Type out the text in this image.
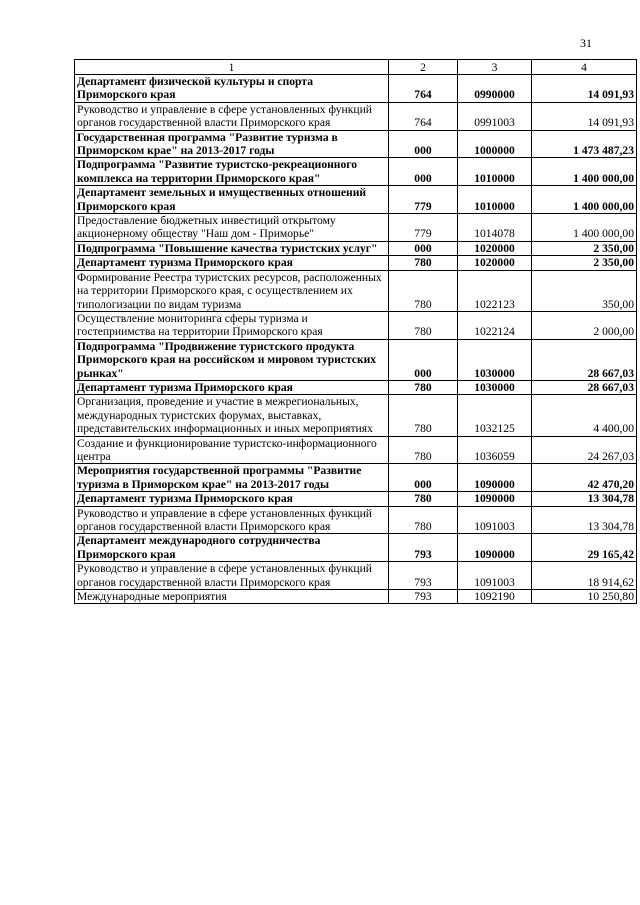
31
1	2	3	4
Департамент физической культуры и спорта Приморского края	764	0990000	14 091,93
Руководство и управление в сфере установленных функций органов государственной власти Приморского края	764	0991003	14 091,93
Государственная программа "Развитие туризма в Приморском крае" на 2013-2017 годы	000	1000000	1 473 487,23
Подпрограмма "Развитие туристско-рекреационного комплекса на территории Приморского края"	000	1010000	1 400 000,00
Департамент земельных и имущественных отношений Приморского края	779	1010000	1 400 000,00
Предоставление бюджетных инвестиций открытому акционерному обществу "Наш дом - Приморье"	779	1014078	1 400 000,00
Подпрограмма "Повышение качества туристских услуг"	000	1020000	2 350,00
Департамент туризма Приморского края	780	1020000	2 350,00
Формирование Реестра туристских ресурсов, расположенных на территории Приморского края, с осуществлением их типологизации по видам туризма	780	1022123	350,00
Осуществление мониторинга сферы туризма и гостеприимства на территории Приморского края	780	1022124	2 000,00
Подпрограмма "Продвижение туристского продукта Приморского края на российском и мировом туристских рынках"	000	1030000	28 667,03
Департамент туризма Приморского края	780	1030000	28 667,03
Организация, проведение и участие в межрегиональных, международных туристских форумах, выставках, представительских информационных и иных мероприятиях	780	1032125	4 400,00
Создание и функционирование туристско-информационного центра	780	1036059	24 267,03
Мероприятия государственной программы "Развитие туризма в Приморском крае" на 2013-2017 годы	000	1090000	42 470,20
Департамент туризма Приморского края	780	1090000	13 304,78
Руководство и управление в сфере установленных функций органов государственной власти Приморского края	780	1091003	13 304,78
Департамент международного сотрудничества Приморского края	793	1090000	29 165,42
Руководство и управление в сфере установленных функций органов государственной власти Приморского края	793	1091003	18 914,62
Международные мероприятия	793	1092190	10 250,80
